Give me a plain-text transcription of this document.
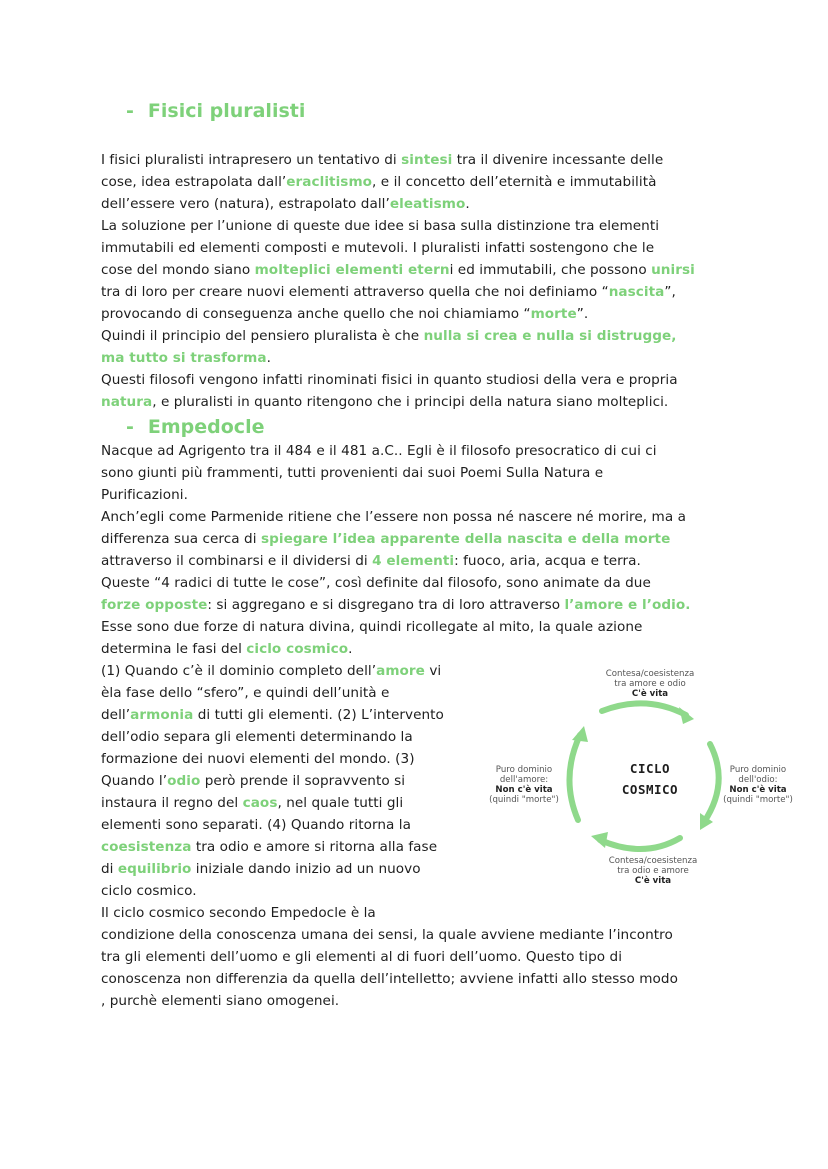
- Fisici pluralisti
I fisici pluralisti intrapresero un tentativo di sintesi tra il divenire incessante delle
cose, idea estrapolata dall’eraclitismo, e il concetto dell’eternità e immutabilità
dell’essere vero (natura), estrapolato dall’eleatismo.
La soluzione per l’unione di queste due idee si basa sulla distinzione tra elementi
immutabili ed elementi composti e mutevoli. I pluralisti infatti sostengono che le
cose del mondo siano molteplici elementi eterni ed immutabili, che possono unirsi
tra di loro per creare nuovi elementi attraverso quella che noi definiamo “nascita”,
provocando di conseguenza anche quello che noi chiamiamo “morte”.
Quindi il principio del pensiero pluralista è che nulla si crea e nulla si distrugge,
ma tutto si trasforma.
Questi filosofi vengono infatti rinominati fisici in quanto studiosi della vera e propria
natura, e pluralisti in quanto ritengono che i principi della natura siano molteplici.
- Empedocle
Nacque ad Agrigento tra il 484 e il 481 a.C.. Egli è il filosofo presocratico di cui ci
sono giunti più frammenti, tutti provenienti dai suoi Poemi Sulla Natura e
Purificazioni.
Anch’egli come Parmenide ritiene che l’essere non possa né nascere né morire, ma a
differenza sua cerca di spiegare l’idea apparente della nascita e della morte
attraverso il combinarsi e il dividersi di 4 elementi: fuoco, aria, acqua e terra.
Queste “4 radici di tutte le cose”, così definite dal filosofo, sono animate da due
forze opposte: si aggregano e si disgregano tra di loro attraverso l’amore e l’odio.
Esse sono due forze di natura divina, quindi ricollegate al mito, la quale azione
determina le fasi del ciclo cosmico.
(1) Quando c’è il dominio completo dell’amore vi
èla fase dello “sfero”, e quindi dell’unità e
dell’armonia di tutti gli elementi. (2) L’intervento
dell’odio separa gli elementi determinando la
formazione dei nuovi elementi del mondo. (3)
Quando l’odio però prende il sopravvento si
instaura il regno del caos, nel quale tutti gli
elementi sono separati. (4) Quando ritorna la
coesistenza tra odio e amore si ritorna alla fase
di equilibrio iniziale dando inizio ad un nuovo
ciclo cosmico.
Il ciclo cosmico secondo Empedocle è la
condizione della conoscenza umana dei sensi, la quale avviene mediante l’incontro
tra gli elementi dell’uomo e gli elementi al di fuori dell’uomo. Questo tipo di
conoscenza non differenzia da quella dell’intelletto; avviene infatti allo stesso modo
, purchè elementi siano omogenei.
Contesa/coesistenza
tra amore e odio
C'è vita
Puro dominio
dell'odio:
Non c'è vita
(quindi "morte")
Contesa/coesistenza
tra odio e amore
C'è vita
Puro dominio
dell'amore:
Non c'è vita
(quindi "morte")
CICLO
COSMICO
